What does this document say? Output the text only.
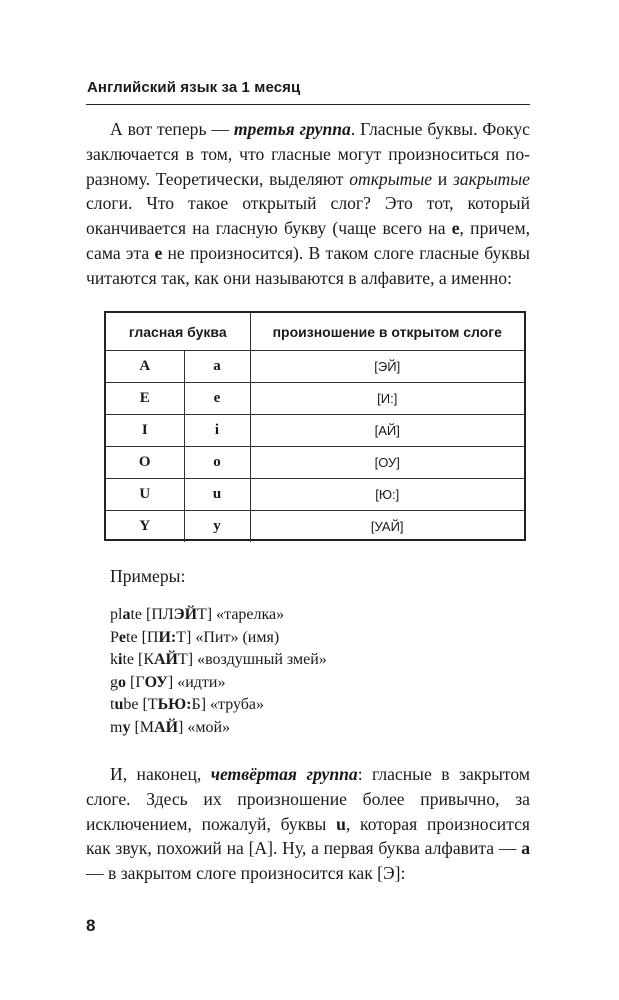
Английский язык за 1 месяц

А вот теперь — третья группа. Гласные буквы. Фокус заключается в том, что гласные могут произноситься по-разному. Теоретически, выделяют открытые и закрытые слоги. Что такое открытый слог? Это тот, который оканчивается на гласную букву (чаще всего на е, причем, сама эта е не произносится). В таком слоге гласные буквы читаются так, как они называются в алфавите, а именно:

гласная буква		произношение в открытом слоге
A	a	[ЭЙ]
E	e	[И:]
I	i	[АЙ]
O	o	[ОУ]
U	u	[Ю:]
Y	y	[УАЙ]
Примеры:
plate [ПЛЭЙТ] «тарелка»
Pete [ПИ:Т] «Пит» (имя)
kite [КАЙТ] «воздушный змей»
go [ГОУ] «идти»
tube [ТЬЮ:Б] «труба»
my [МАЙ] «мой»

И, наконец, четвёртая группа: гласные в закрытом слоге. Здесь их произношение более привычно, за исключением, пожалуй, буквы u, которая произносится как звук, похожий на [А]. Ну, а первая буква алфавита — a — в закрытом слоге произносится как [Э]:

8
